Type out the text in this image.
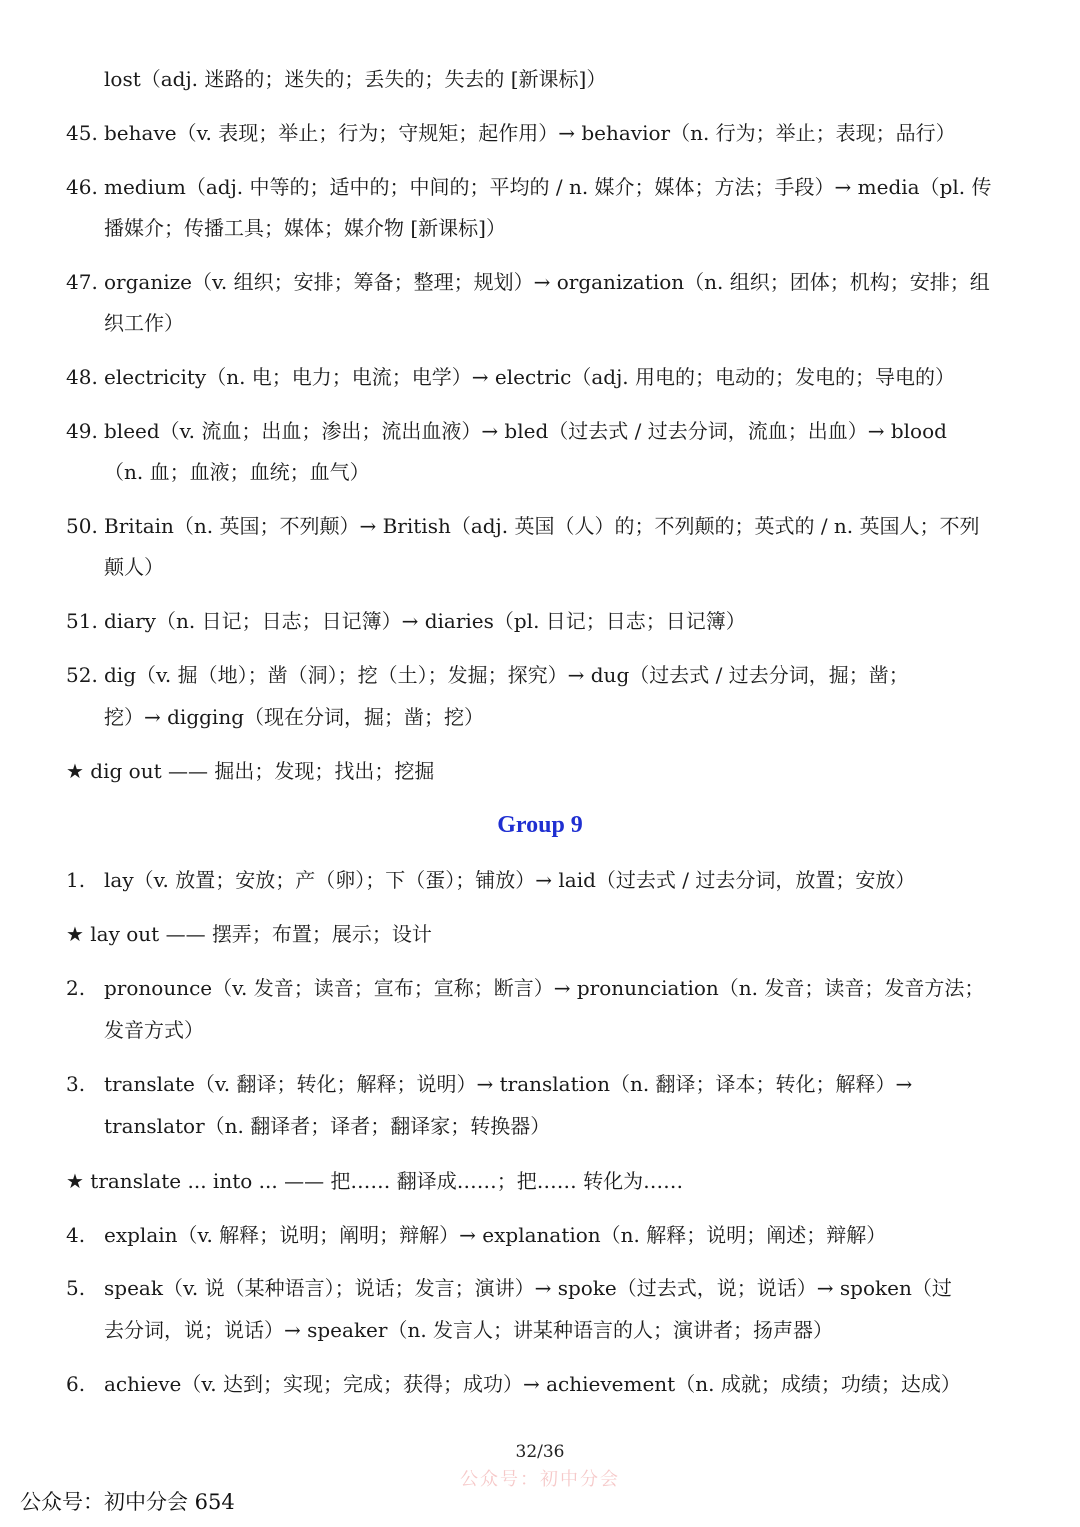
lost（adj. 迷路的；迷失的；丢失的；失去的 [新课标]）
45. behave（v. 表现；举止；行为；守规矩；起作用）→ behavior（n. 行为；举止；表现；品行）
46. medium（adj. 中等的；适中的；中间的；平均的 / n. 媒介；媒体；方法；手段）→ media（pl. 传
播媒介；传播工具；媒体；媒介物 [新课标]）
47. organize（v. 组织；安排；筹备；整理；规划）→ organization（n. 组织；团体；机构；安排；组
织工作）
48. electricity（n. 电；电力；电流；电学）→ electric（adj. 用电的；电动的；发电的；导电的）
49. bleed（v. 流血；出血；渗出；流出血液）→ bled（过去式 / 过去分词，流血；出血）→ blood
（n. 血；血液；血统；血气）
50. Britain（n. 英国；不列颠）→ British（adj. 英国（人）的；不列颠的；英式的 / n. 英国人；不列
颠人）
51. diary（n. 日记；日志；日记簿）→ diaries（pl. 日记；日志；日记簿）
52. dig（v. 掘（地）；凿（洞）；挖（土）；发掘；探究）→ dug（过去式 / 过去分词，掘；凿；
挖）→ digging（现在分词，掘；凿；挖）
★ dig out —— 掘出；发现；找出；挖掘
Group 9
1. lay（v. 放置；安放；产（卵）；下（蛋）；铺放）→ laid（过去式 / 过去分词，放置；安放）
★ lay out —— 摆弄；布置；展示；设计
2. pronounce（v. 发音；读音；宣布；宣称；断言）→ pronunciation（n. 发音；读音；发音方法；
发音方式）
3. translate（v. 翻译；转化；解释；说明）→ translation（n. 翻译；译本；转化；解释）→
translator（n. 翻译者；译者；翻译家；转换器）
★ translate ... into ... —— 把…… 翻译成……；把…… 转化为……
4. explain（v. 解释；说明；阐明；辩解）→ explanation（n. 解释；说明；阐述；辩解）
5. speak（v. 说（某种语言）；说话；发言；演讲）→ spoke（过去式，说；说话）→ spoken（过
去分词，说；说话）→ speaker（n. 发言人；讲某种语言的人；演讲者；扬声器）
6. achieve（v. 达到；实现；完成；获得；成功）→ achievement（n. 成就；成绩；功绩；达成）
32/36
公众号：初中分会
公众号：初中分会 654
